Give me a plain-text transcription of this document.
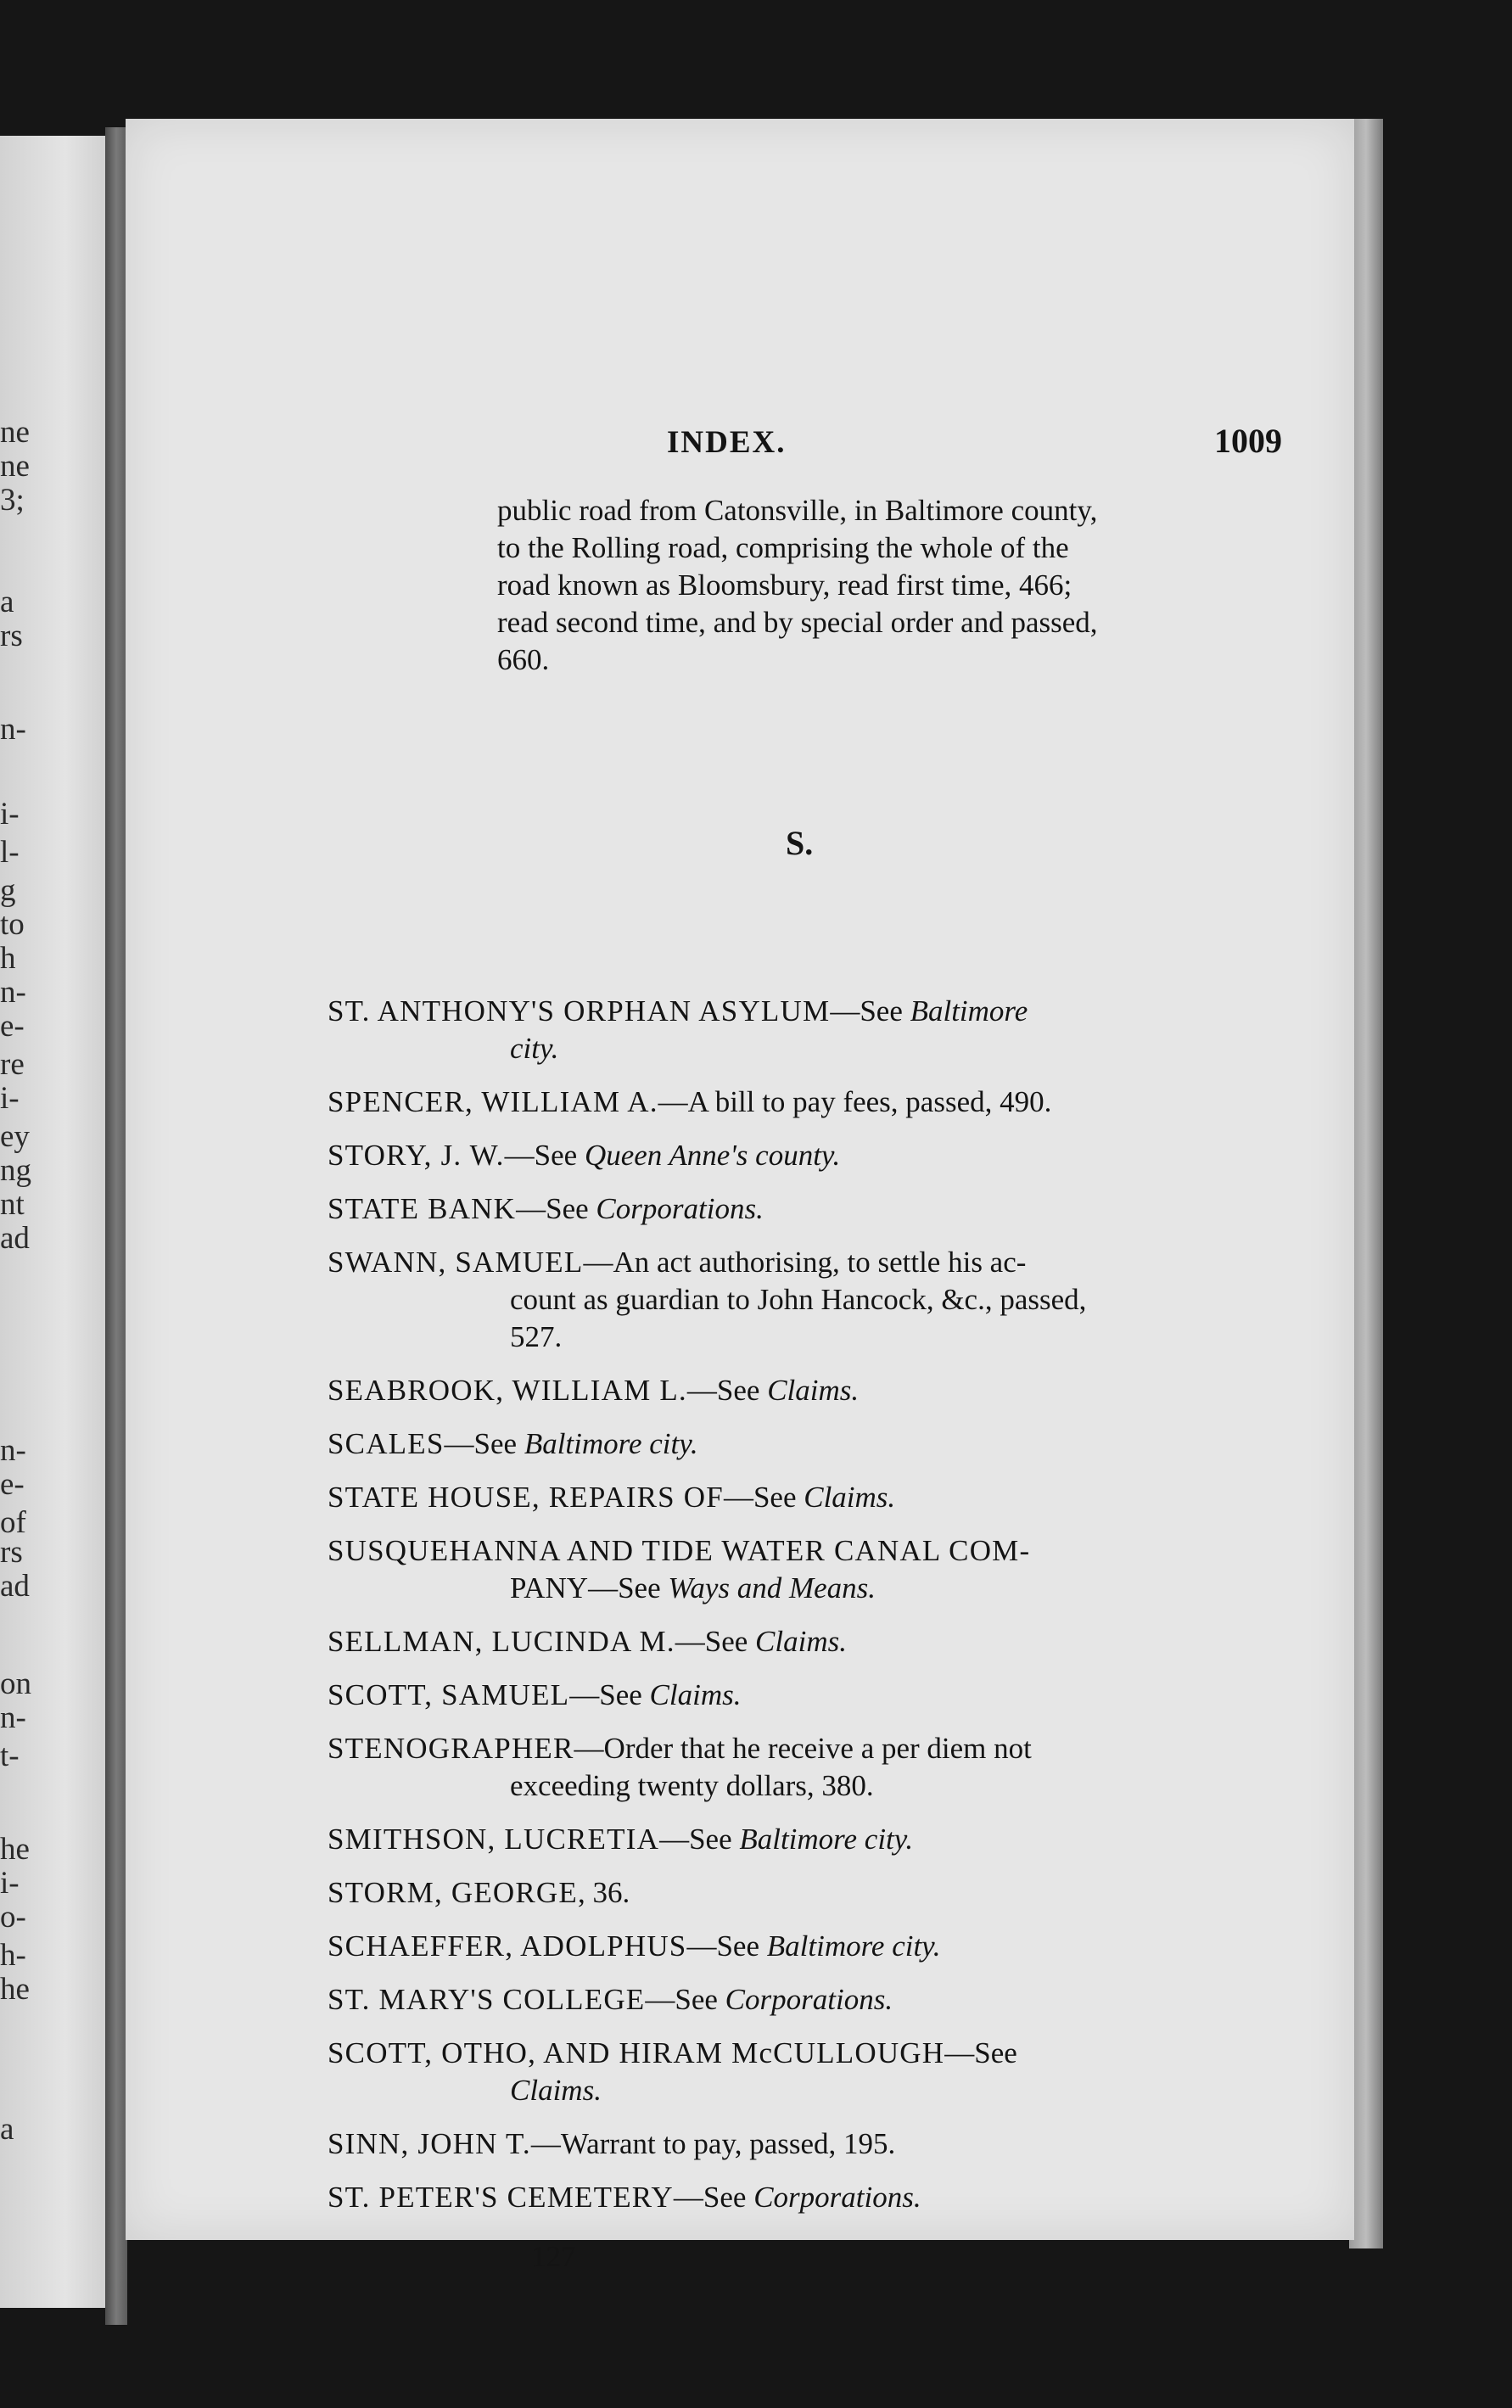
ne
ne
3;
a
rs
n-
i-
l-
g
to
h
n-
e-
re
i-
ey
ng
nt
ad
n-
e-
of
rs
ad
on
n-
t-
he
i-
o-
h-
he
a
INDEX.	1009
public road from Catonsville, in Baltimore county,
to the Rolling road, comprising the whole of the
road known as Bloomsbury, read first time, 466;
read second time, and by special order and passed,
660.
S.
ST. ANTHONY'S ORPHAN ASYLUM—See Baltimore
city.
SPENCER, WILLIAM A.—A bill to pay fees, passed, 490.
STORY, J. W.—See Queen Anne's county.
STATE BANK—See Corporations.
SWANN, SAMUEL—An act authorising, to settle his ac-
count as guardian to John Hancock, &c., passed,
527.
SEABROOK, WILLIAM L.—See Claims.
SCALES—See Baltimore city.
STATE HOUSE, REPAIRS OF—See Claims.
SUSQUEHANNA AND TIDE WATER CANAL COM-
PANY—See Ways and Means.
SELLMAN, LUCINDA M.—See Claims.
SCOTT, SAMUEL—See Claims.
STENOGRAPHER—Order that he receive a per diem not
exceeding twenty dollars, 380.
SMITHSON, LUCRETIA—See Baltimore city.
STORM, GEORGE, 36.
SCHAEFFER, ADOLPHUS—See Baltimore city.
ST. MARY'S COLLEGE—See Corporations.
SCOTT, OTHO, AND HIRAM McCULLOUGH—See
Claims.
SINN, JOHN T.—Warrant to pay, passed, 195.
ST. PETER'S CEMETERY—See Corporations.
127
